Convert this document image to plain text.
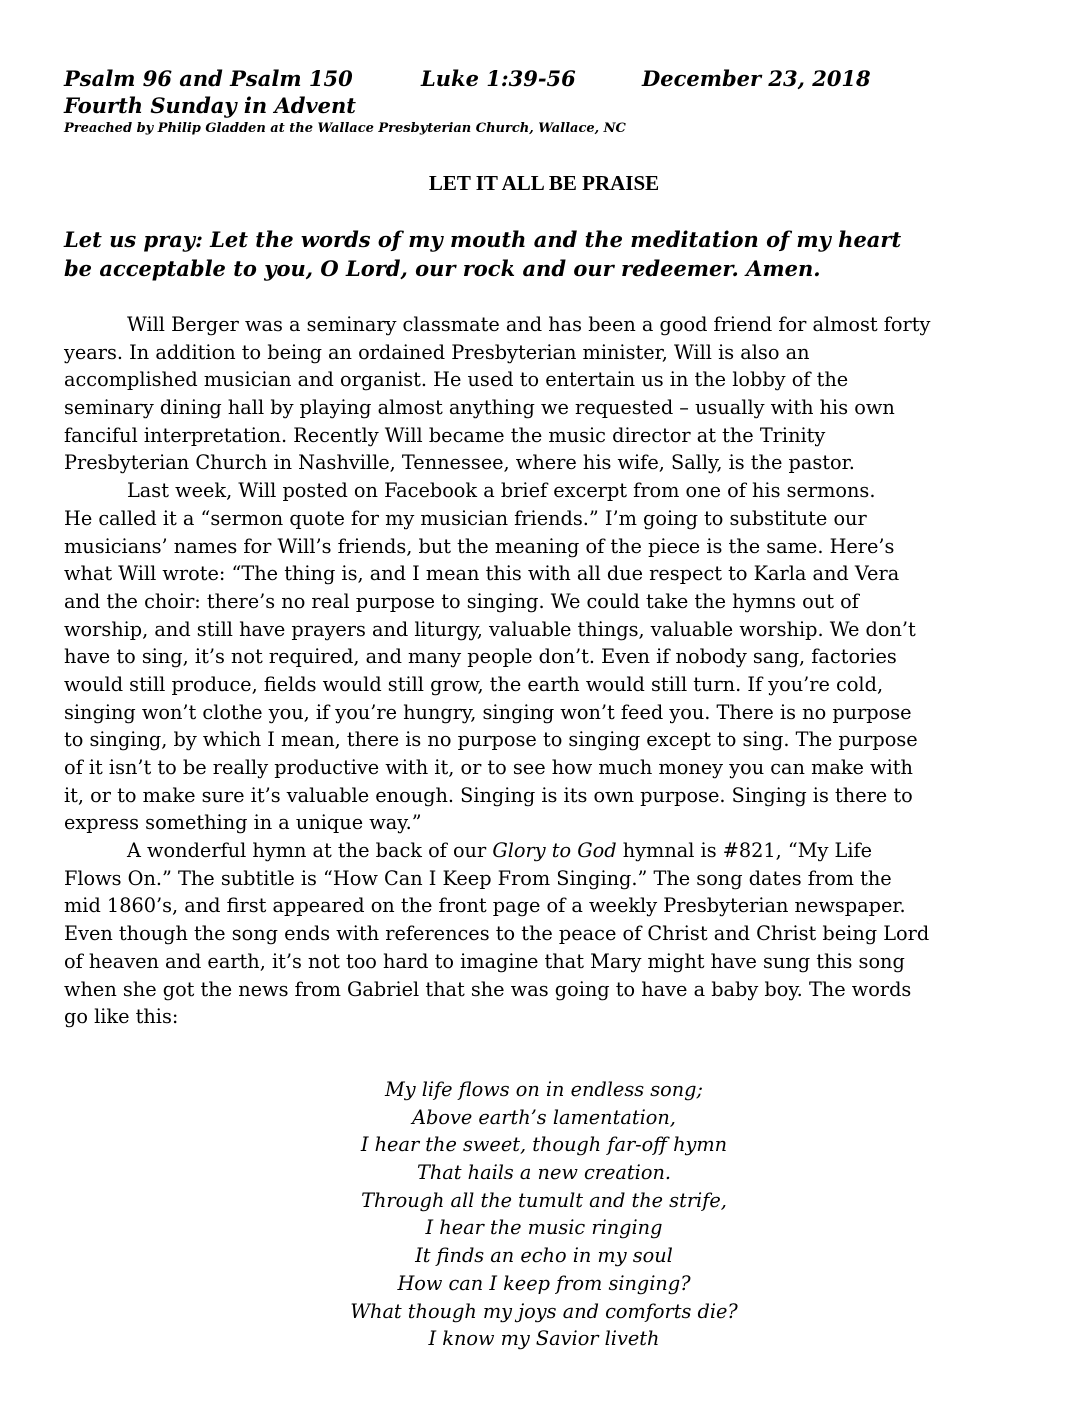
Psalm 96 and Psalm 150	Luke 1:39-56	December 23, 2018
Fourth Sunday in Advent
Preached by Philip Gladden at the Wallace Presbyterian Church, Wallace, NC
LET IT ALL BE PRAISE
Let us pray: Let the words of my mouth and the meditation of my heart
be acceptable to you, O Lord, our rock and our redeemer. Amen.
Will Berger was a seminary classmate and has been a good friend for almost forty
years. In addition to being an ordained Presbyterian minister, Will is also an
accomplished musician and organist. He used to entertain us in the lobby of the
seminary dining hall by playing almost anything we requested – usually with his own
fanciful interpretation. Recently Will became the music director at the Trinity
Presbyterian Church in Nashville, Tennessee, where his wife, Sally, is the pastor.
Last week, Will posted on Facebook a brief excerpt from one of his sermons.
He called it a “sermon quote for my musician friends.” I’m going to substitute our
musicians’ names for Will’s friends, but the meaning of the piece is the same. Here’s
what Will wrote: “The thing is, and I mean this with all due respect to Karla and Vera
and the choir: there’s no real purpose to singing. We could take the hymns out of
worship, and still have prayers and liturgy, valuable things, valuable worship. We don’t
have to sing, it’s not required, and many people don’t. Even if nobody sang, factories
would still produce, fields would still grow, the earth would still turn. If you’re cold,
singing won’t clothe you, if you’re hungry, singing won’t feed you. There is no purpose
to singing, by which I mean, there is no purpose to singing except to sing. The purpose
of it isn’t to be really productive with it, or to see how much money you can make with
it, or to make sure it’s valuable enough. Singing is its own purpose. Singing is there to
express something in a unique way.”
A wonderful hymn at the back of our Glory to God hymnal is #821, “My Life
Flows On.” The subtitle is “How Can I Keep From Singing.” The song dates from the
mid 1860’s, and first appeared on the front page of a weekly Presbyterian newspaper.
Even though the song ends with references to the peace of Christ and Christ being Lord
of heaven and earth, it’s not too hard to imagine that Mary might have sung this song
when she got the news from Gabriel that she was going to have a baby boy. The words
go like this:
My life flows on in endless song;
Above earth’s lamentation,
I hear the sweet, though far-off hymn
That hails a new creation.
Through all the tumult and the strife,
I hear the music ringing
It finds an echo in my soul
How can I keep from singing?
What though my joys and comforts die?
I know my Savior liveth
